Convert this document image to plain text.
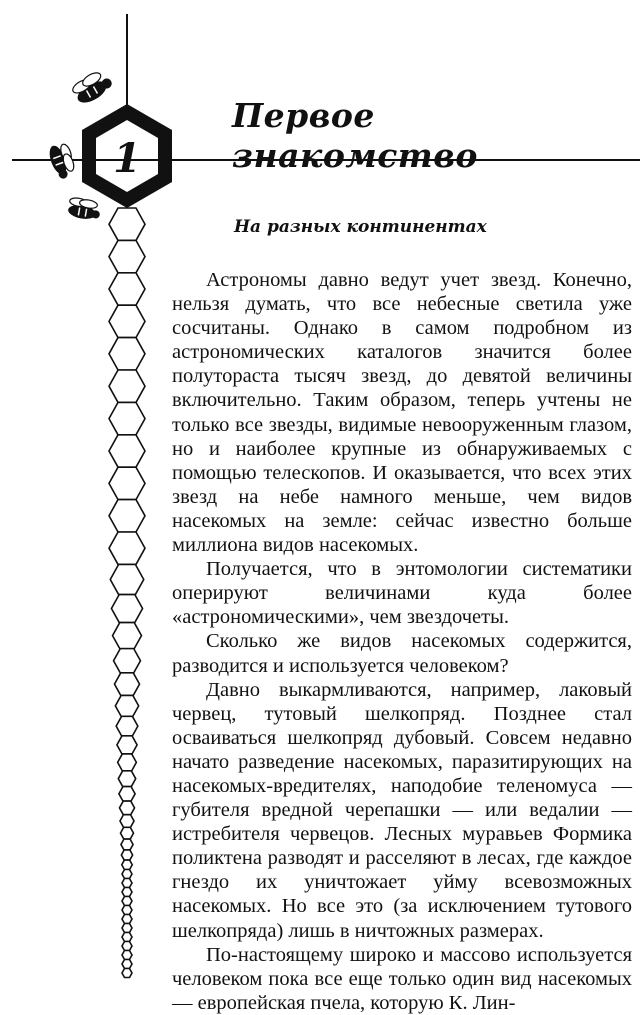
1
Первое знакомство
На разных континентах

Астрономы давно ведут учет звезд. Конечно, нельзя думать, что все небесные светила уже сосчитаны. Однако в самом подробном из астрономических каталогов значится более полутораста тысяч звезд, до девятой величины включительно. Таким образом, теперь учтены не только все звезды, видимые невооруженным глазом, но и наиболее крупные из обнаруживаемых с помощью телескопов. И оказывается, что всех этих звезд на небе намного меньше, чем видов насекомых на земле: сейчас известно больше миллиона видов насекомых.

Получается, что в энтомологии систематики оперируют величинами куда более «астрономическими», чем звездочеты.

Сколько же видов насекомых содержится, разводится и используется человеком?

Давно выкармливаются, например, лаковый червец, тутовый шелкопряд. Позднее стал осваиваться шелкопряд дубовый. Совсем недавно начато разведение насекомых, паразитирующих на насекомых-вредителях, наподобие теленомуса — губителя вредной черепашки — или ведалии — истребителя червецов. Лесных муравьев Формика поликтена разводят и расселяют в лесах, где каждое гнездо их уничтожает уйму всевозможных насекомых. Но все это (за исключением тутового шелкопряда) лишь в ничтожных размерах.

По-настоящему широко и массово используется человеком пока все еще только один вид насекомых — европейская пчела, которую К. Лин-
